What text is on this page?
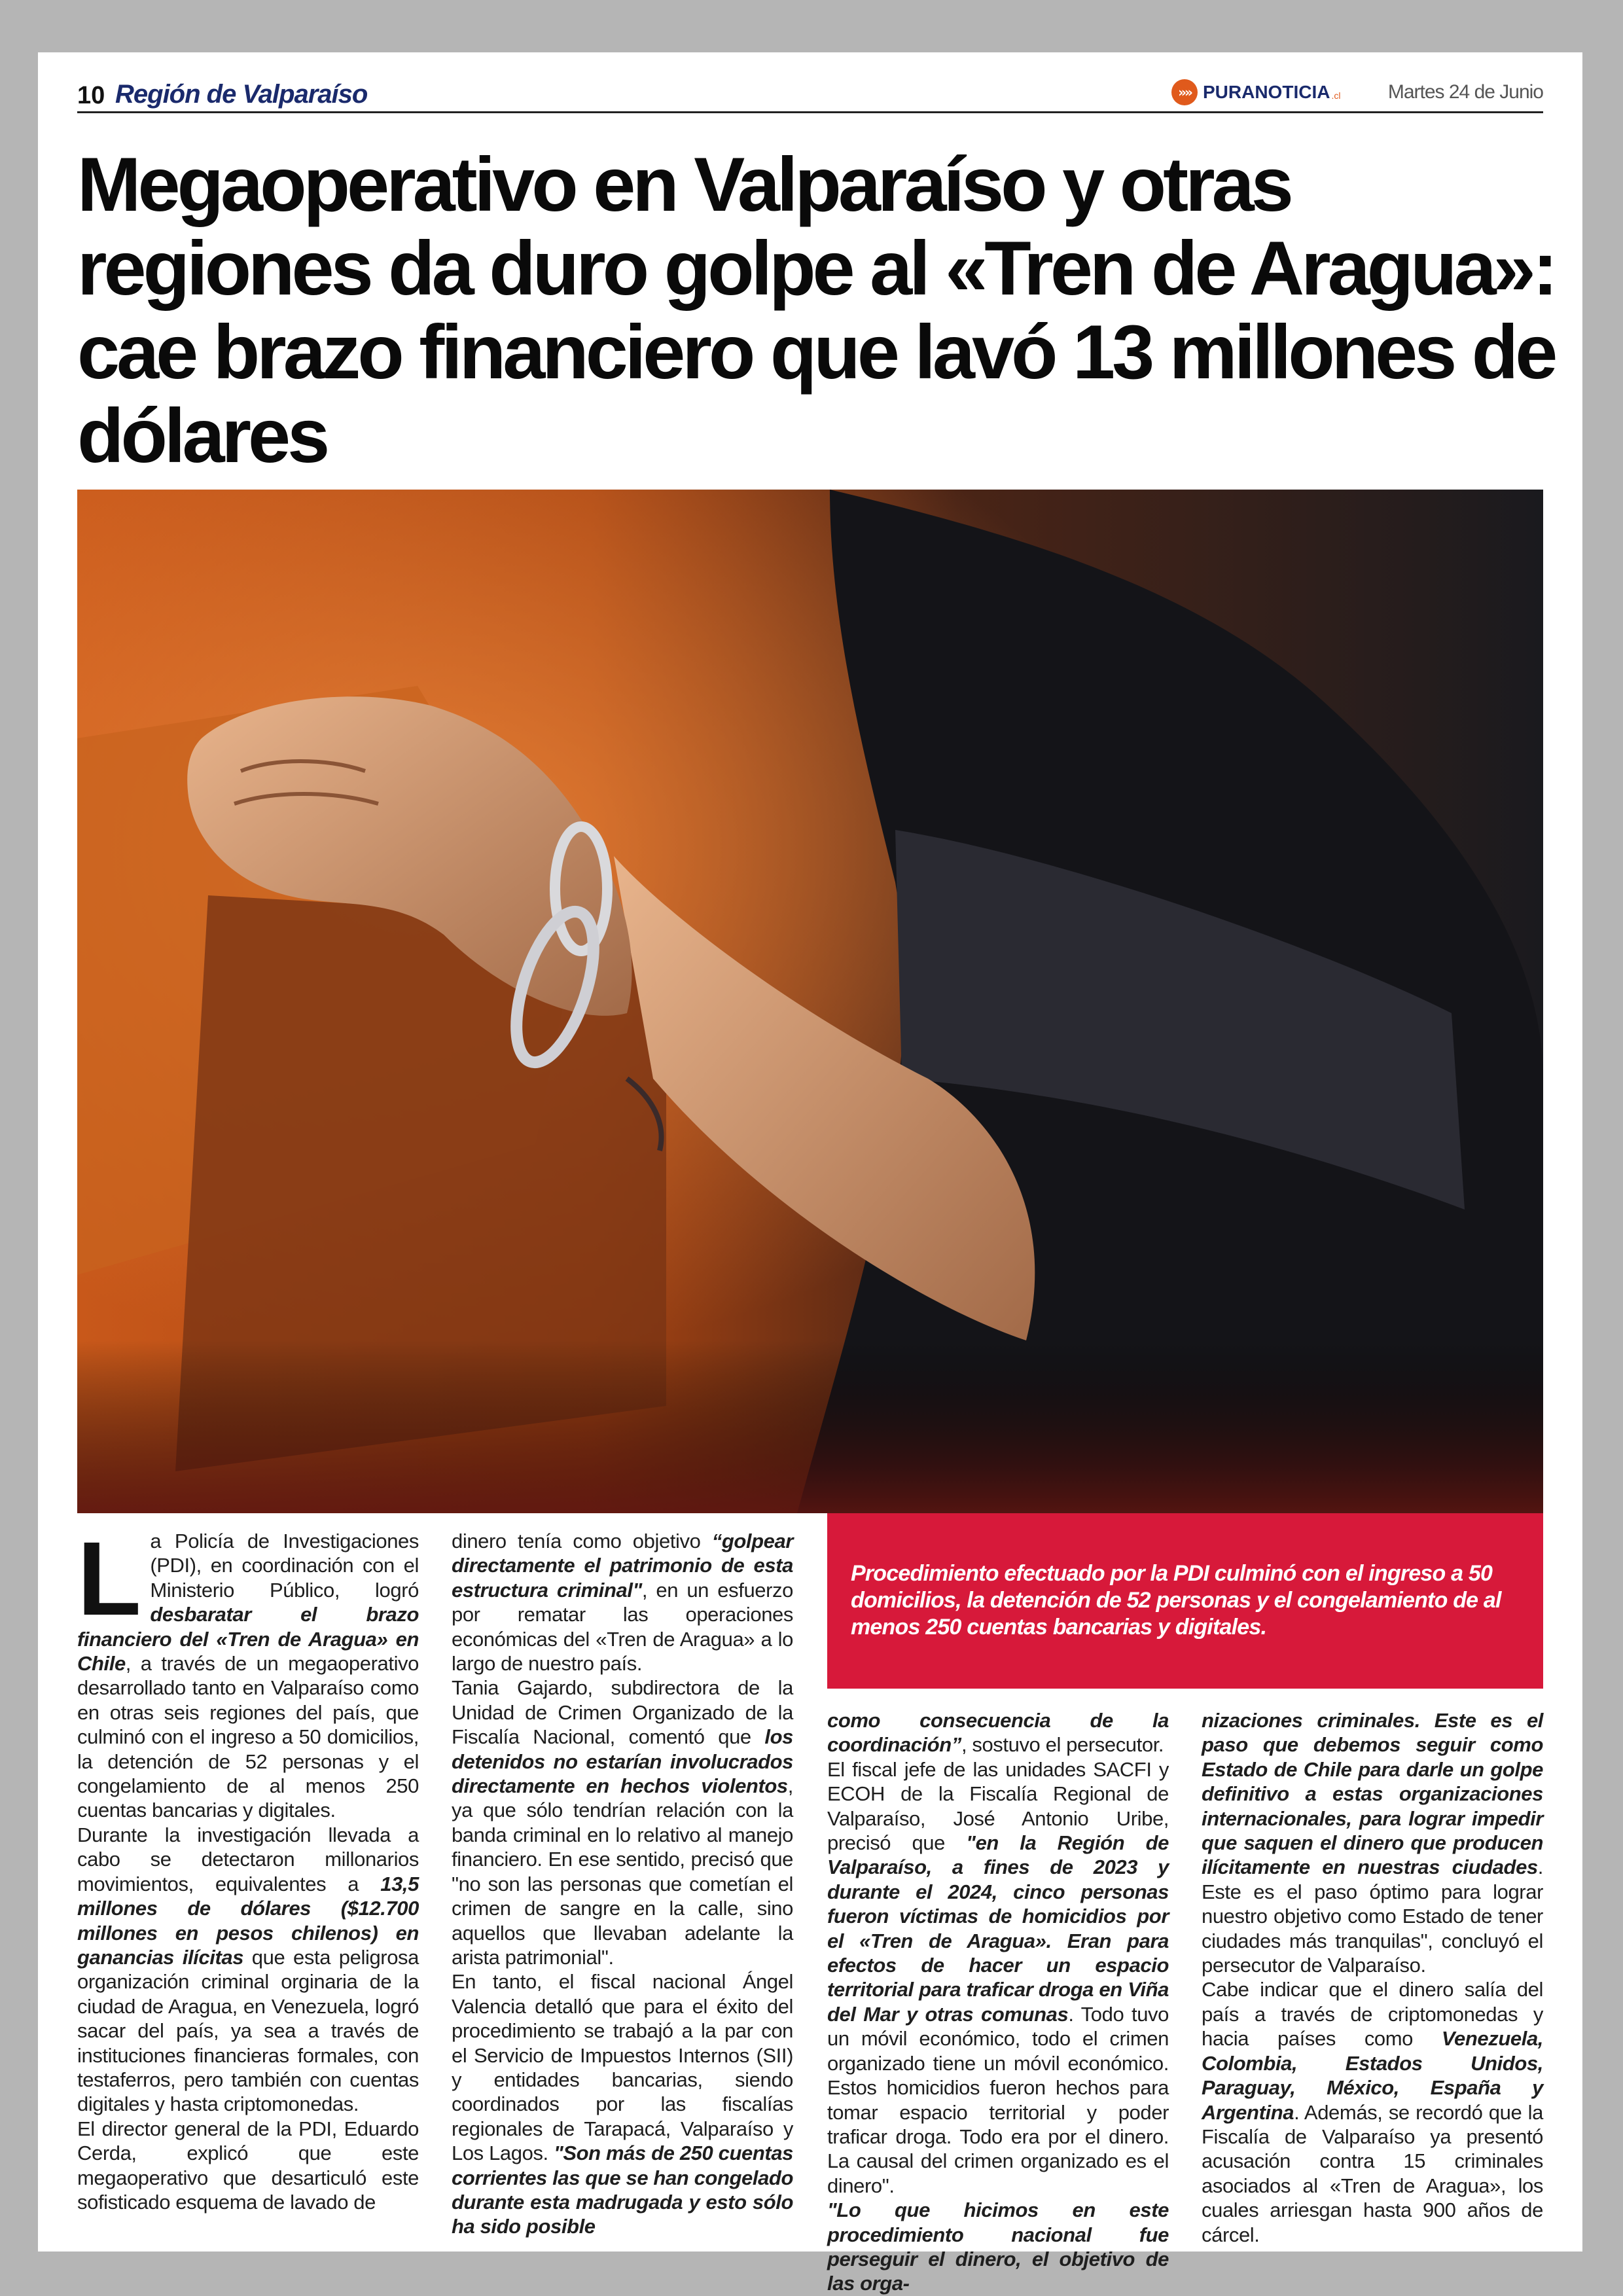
10 Región de Valparaíso	»» PURANOTICIA .cl Martes 24 de Junio
Megaoperativo en Valparaíso y otras regiones da duro golpe al «Tren de Aragua»: cae brazo financiero que lavó 13 millones de dólares

La Policía de Investigaciones (PDI), en coordinación con el Ministerio Público, logró desbaratar el brazo financiero del «Tren de Aragua» en Chile, a través de un megaoperativo desarrollado tanto en Valparaíso como en otras seis regiones del país, que culminó con el ingreso a 50 domicilios, la detención de 52 personas y el congelamiento de al menos 250 cuentas bancarias y digitales.

Durante la investigación llevada a cabo se detectaron millonarios movimientos, equivalentes a 13,5 millones de dólares ($12.700 millones en pesos chilenos) en ganancias ilícitas que esta peligrosa organización criminal orginaria de la ciudad de Aragua, en Venezuela, logró sacar del país, ya sea a través de instituciones financieras formales, con testaferros, pero también con cuentas digitales y hasta criptomonedas.

El director general de la PDI, Eduardo Cerda, explicó que este megaoperativo que desarticuló este sofisticado esquema de lavado de

dinero tenía como objetivo “golpear directamente el patrimonio de esta estructura criminal", en un esfuerzo por rematar las operaciones económicas del «Tren de Aragua» a lo largo de nuestro país.

Tania Gajardo, subdirectora de la Unidad de Crimen Organizado de la Fiscalía Nacional, comentó que los detenidos no estarían involucrados directamente en hechos violentos, ya que sólo tendrían relación con la banda criminal en lo relativo al manejo financiero. En ese sentido, precisó que "no son las personas que cometían el crimen de sangre en la calle, sino aquellos que llevaban adelante la arista patrimonial".

En tanto, el fiscal nacional Ángel Valencia detalló que para el éxito del procedimiento se trabajó a la par con el Servicio de Impuestos Internos (SII) y entidades bancarias, siendo coordinados por las fiscalías regionales de Tarapacá, Valparaíso y Los Lagos. "Son más de 250 cuentas corrientes las que se han congelado durante esta madrugada y esto sólo ha sido posible

Procedimiento efectuado por la PDI culminó con el ingreso a 50 domicilios, la detención de 52 personas y el congelamiento de al menos 250 cuentas bancarias y digitales.

como consecuencia de la coordinación”, sostuvo el persecutor.

El fiscal jefe de las unidades SACFI y ECOH de la Fiscalía Regional de Valparaíso, José Antonio Uribe, precisó que "en la Región de Valparaíso, a fines de 2023 y durante el 2024, cinco personas fueron víctimas de homicidios por el «Tren de Aragua». Eran para efectos de hacer un espacio territorial para traficar droga en Viña del Mar y otras comunas. Todo tuvo un móvil económico, todo el crimen organizado tiene un móvil económico. Estos homicidios fueron hechos para tomar espacio territorial y poder traficar droga. Todo era por el dinero. La causal del crimen organizado es el dinero".

"Lo que hicimos en este procedimiento nacional fue perseguir el dinero, el objetivo de las orga-

nizaciones criminales. Este es el paso que debemos seguir como Estado de Chile para darle un golpe definitivo a estas organizaciones internacionales, para lograr impedir que saquen el dinero que producen ilícitamente en nuestras ciudades. Este es el paso óptimo para lograr nuestro objetivo como Estado de tener ciudades más tranquilas", concluyó el persecutor de Valparaíso.

Cabe indicar que el dinero salía del país a través de criptomonedas y hacia países como Venezuela, Colombia, Estados Unidos, Paraguay, México, España y Argentina. Además, se recordó que la Fiscalía de Valparaíso ya presentó acusación contra 15 criminales asociados al «Tren de Aragua», los cuales arriesgan hasta 900 años de cárcel.
